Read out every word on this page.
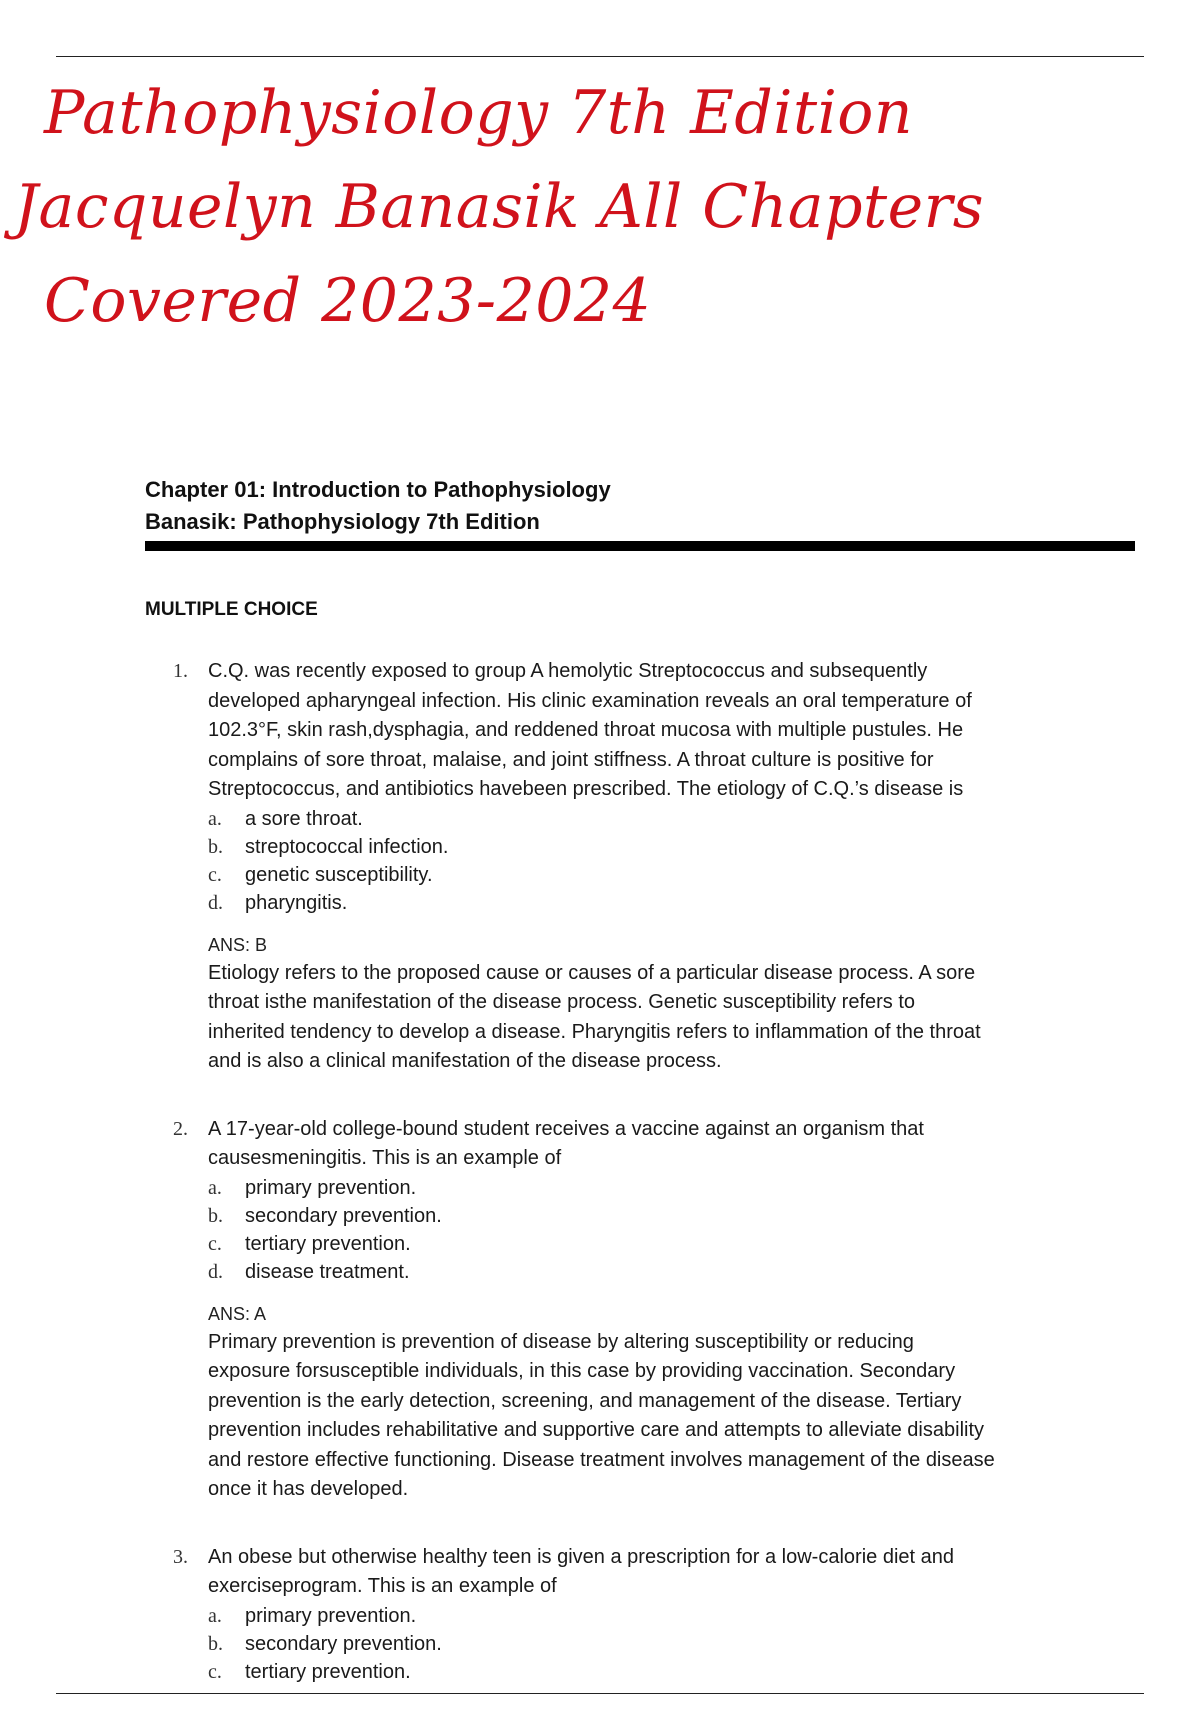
Pathophysiology 7th Edition
Jacquelyn Banasik All Chapters
Covered 2023-2024
Chapter 01: Introduction to Pathophysiology
Banasik: Pathophysiology 7th Edition
MULTIPLE CHOICE
1. C.Q. was recently exposed to group A hemolytic Streptococcus and subsequently
developed apharyngeal infection. His clinic examination reveals an oral temperature of
102.3°F, skin rash,dysphagia, and reddened throat mucosa with multiple pustules. He
complains of sore throat, malaise, and joint stiffness. A throat culture is positive for
Streptococcus, and antibiotics havebeen prescribed. The etiology of C.Q.’s disease is
a.	a sore throat.
b.	streptococcal infection.
c.	genetic susceptibility.
d.	pharyngitis.
ANS: B
Etiology refers to the proposed cause or causes of a particular disease process. A sore
throat isthe manifestation of the disease process. Genetic susceptibility refers to
inherited tendency to develop a disease. Pharyngitis refers to inflammation of the throat
and is also a clinical manifestation of the disease process.
2. A 17-year-old college-bound student receives a vaccine against an organism that
causesmeningitis. This is an example of
a.	primary prevention.
b.	secondary prevention.
c.	tertiary prevention.
d.	disease treatment.
ANS: A
Primary prevention is prevention of disease by altering susceptibility or reducing
exposure forsusceptible individuals, in this case by providing vaccination. Secondary
prevention is the early detection, screening, and management of the disease. Tertiary
prevention includes rehabilitative and supportive care and attempts to alleviate disability
and restore effective functioning. Disease treatment involves management of the disease
once it has developed.
3. An obese but otherwise healthy teen is given a prescription for a low-calorie diet and
exerciseprogram. This is an example of
a.	primary prevention.
b.	secondary prevention.
c.	tertiary prevention.
